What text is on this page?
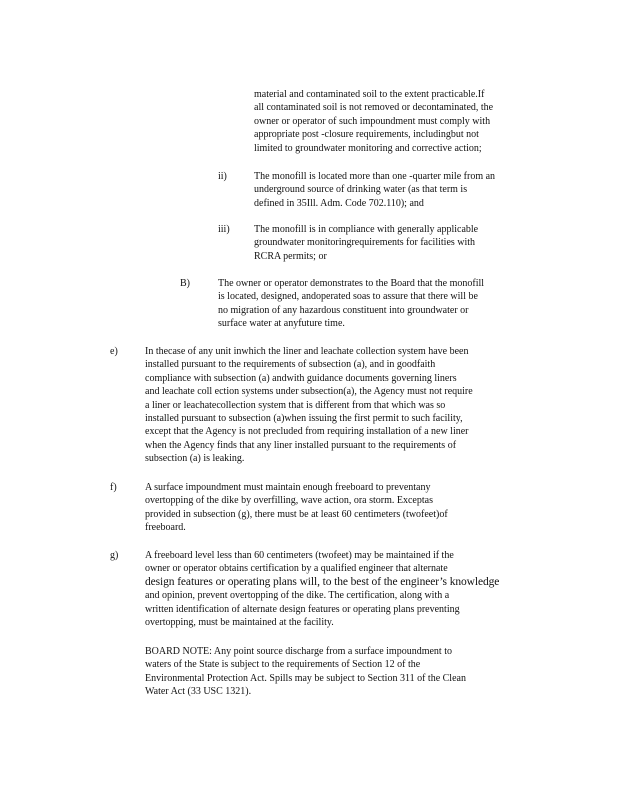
material and contaminated soil to the extent practicable.If
all contaminated soil is not removed or decontaminated, the
owner or operator of such impoundment must comply with
appropriate post -closure requirements, includingbut not
limited to groundwater monitoring and corrective action;
ii)	The monofill is located more than one -quarter mile from an
underground source of drinking water (as that term is
defined in 35Ill. Adm. Code 702.110); and
iii) The monofill is in compliance with generally applicable
groundwater monitoringrequirements for facilities with
RCRA permits; or
B)	The owner or operator demonstrates to the Board that the monofill
is located, designed, andoperated soas to assure that there will be
no migration of any hazardous constituent into groundwater or
surface water at anyfuture time.
e)	In thecase of any unit inwhich the liner and leachate collection system have been
installed pursuant to the requirements of subsection (a), and in goodfaith
compliance with subsection (a) andwith guidance documents governing liners
and leachate coll ection systems under subsection(a), the Agency must not require
a liner or leachatecollection system that is different from that which was so
installed pursuant to subsection (a)when issuing the first permit to such facility,
except that the Agency is not precluded from requiring installation of a new liner
when the Agency finds that any liner installed pursuant to the requirements of
subsection (a) is leaking.
f)	A surface impoundment must maintain enough freeboard to preventany
overtopping of the dike by overfilling, wave action, ora storm. Exceptas
provided in subsection (g), there must be at least 60 centimeters (twofeet)of
freeboard.
g)	A freeboard level less than 60 centimeters (twofeet) may be maintained if the
owner or operator obtains certification by a qualified engineer that alternate
design features or operating plans will, to the best of the engineer’s knowledge
and opinion, prevent overtopping of the dike. The certification, along with a
written identification of alternate design features or operating plans preventing
overtopping, must be maintained at the facility.
BOARD NOTE: Any point source discharge from a surface impoundment to
waters of the State is subject to the requirements of Section 12 of the
Environmental Protection Act. Spills may be subject to Section 311 of the Clean
Water Act (33 USC 1321).
